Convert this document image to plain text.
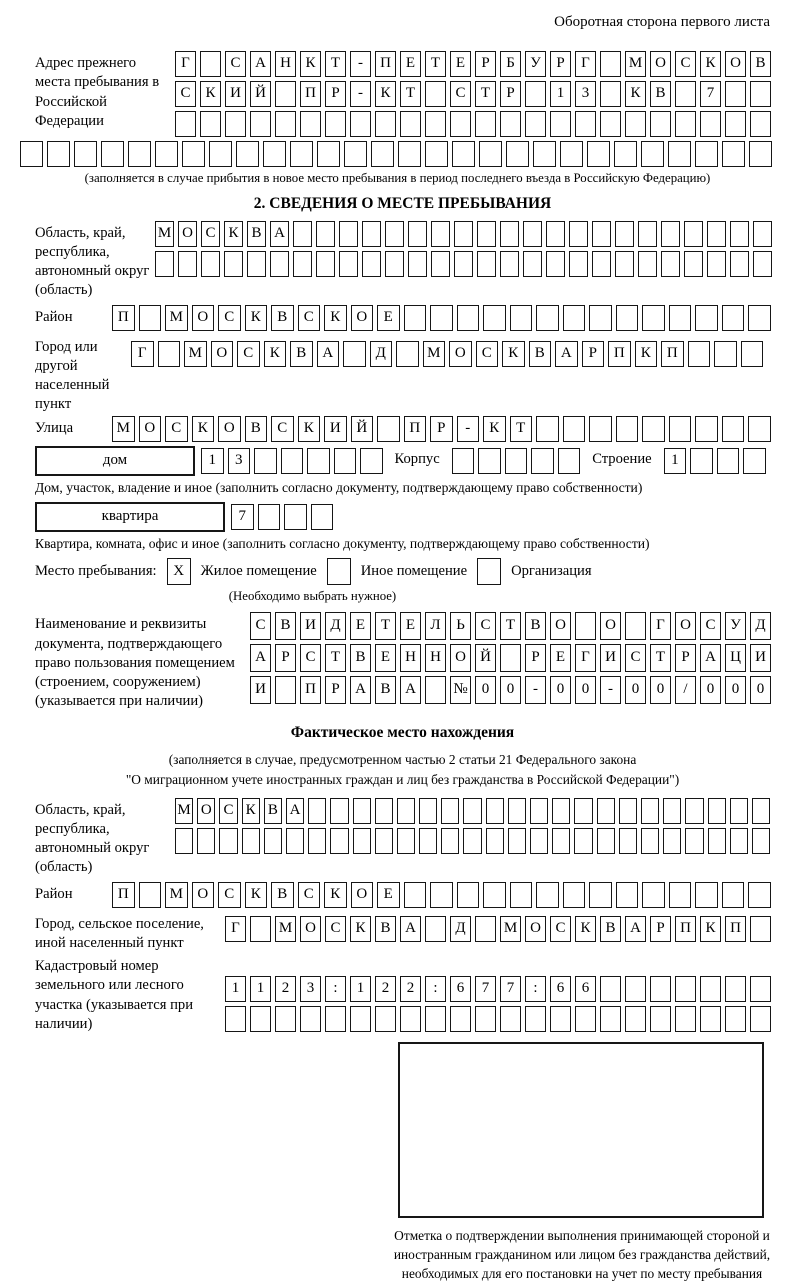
Оборотная сторона первого листа
Адрес прежнего места пребывания в Российской Федерации
Г	С А Н К	Т	-	П Е	Т	Е	Р	Б	У	Р	Г	М О С К О В
С К И Й	П	Р	-	К	Т	С	Т	Р	1	3	К В	7
(заполняется в случае прибытия в новое место пребывания в период последнего въезда в Российскую Федерацию)
2. СВЕДЕНИЯ О МЕСТЕ ПРЕБЫВАНИЯ
Область, край, республика, автономный округ (область)
М О С К В А
Район	П	М О	С	К	В	С	К	О	Е
Город или другой населенный пункт
Г	М О	С	К	В	А	Д	М О	С	К	В	А	Р	П	К	П
Улица	М О	С	К	О	В	С	К	И	Й	П	Р	-	К	Т
дом	1	3	Корпус	Строение	1
Дом, участок, владение и иное (заполнить согласно документу, подтверждающему право собственности)
квартира	7
Квартира, комната, офис и иное (заполнить согласно документу, подтверждающему право собственности)
Место пребывания:	X	Жилое помещение	Иное помещение	Организация
(Необходимо выбрать нужное)
Наименование и реквизиты документа, подтверждающего право пользования помещением (строением, сооружением) (указывается при наличии)
С В И Д	Е	Т	Е	Л	Ь	С	Т	В О	О	Г	О С У Д
А	Р	С	Т	В	Е	Н Н О Й	Р	Е	Г	И С	Т	Р	А Ц И
И	П	Р	А В А	№ 0	0	-	0	0	-	0	0	/	0	0	0
Фактическое место нахождения
(заполняется в случае, предусмотренном частью 2 статьи 21 Федерального закона
"О миграционном учете иностранных граждан и лиц без гражданства в Российской Федерации")
Область, край, республика, автономный округ (область)
М О С К В А
Район	П	М О	С	К	В	С	К	О	Е
Город, сельское поселение, иной населенный пункт
Г	М О С К В А	Д	М О С К В А	Р	П К П
Кадастровый номер земельного или лесного участка (указывается при наличии)
1	1	2	3	:	1	2	2	:	6	7	7	:	6	6
Отметка о подтверждении выполнения принимающей стороной и иностранным гражданином или лицом без гражданства действий, необходимых для его постановки на учет по месту пребывания
